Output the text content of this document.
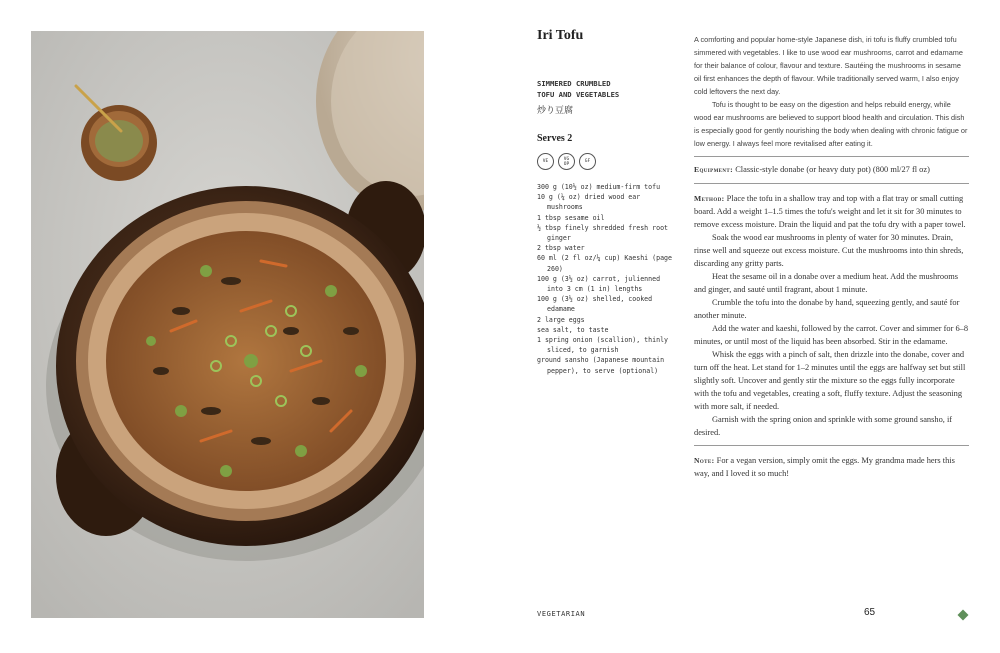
Iri Tofu
SIMMERED CRUMBLED
TOFU AND VEGETABLES
炒り豆腐
Serves 2
VE	VG
OP	GF
300 g (10½ oz) medium-firm tofu
10 g (¼ oz) dried wood ear mushrooms
1 tbsp sesame oil
½ tbsp finely shredded fresh root ginger
2 tbsp water
60 ml (2 fl oz/¼ cup) Kaeshi (page 260)
100 g (3½ oz) carrot, julienned into 3 cm (1 in) lengths
100 g (3½ oz) shelled, cooked edamame
2 large eggs
sea salt, to taste
1 spring onion (scallion), thinly sliced, to garnish
ground sansho (Japanese mountain pepper), to serve (optional)

A comforting and popular home-style Japanese dish, iri tofu is fluffy crumbled tofu simmered with vegetables. I like to use wood ear mushrooms, carrot and edamame for their balance of colour, flavour and texture. Sautéing the mushrooms in sesame oil first enhances the depth of flavour. While traditionally served warm, I also enjoy cold leftovers the next day.

Tofu is thought to be easy on the digestion and helps rebuild energy, while wood ear mushrooms are believed to support blood health and circulation. This dish is especially good for gently nourishing the body when dealing with chronic fatigue or low energy. I always feel more revitalised after eating it.

Equipment: Classic-style donabe (or heavy duty pot) (800 ml/27 fl oz)

Method: Place the tofu in a shallow tray and top with a flat tray or small cutting board. Add a weight 1–1.5 times the tofu's weight and let it sit for 30 minutes to remove excess moisture. Drain the liquid and pat the tofu dry with a paper towel.

Soak the wood ear mushrooms in plenty of water for 30 minutes. Drain, rinse well and squeeze out excess moisture. Cut the mushrooms into thin shreds, discarding any gritty parts.

Heat the sesame oil in a donabe over a medium heat. Add the mushrooms and ginger, and sauté until fragrant, about 1 minute.

Crumble the tofu into the donabe by hand, squeezing gently, and sauté for another minute.

Add the water and kaeshi, followed by the carrot. Cover and simmer for 6–8 minutes, or until most of the liquid has been absorbed. Stir in the edamame.

Whisk the eggs with a pinch of salt, then drizzle into the donabe, cover and turn off the heat. Let stand for 1–2 minutes until the eggs are halfway set but still slightly soft. Uncover and gently stir the mixture so the eggs fully incorporate with the tofu and vegetables, creating a soft, fluffy texture. Adjust the seasoning with more salt, if needed.

Garnish with the spring onion and sprinkle with some ground sansho, if desired.

Note: For a vegan version, simply omit the eggs. My grandma made hers this way, and I loved it so much!
VEGETARIAN	65
